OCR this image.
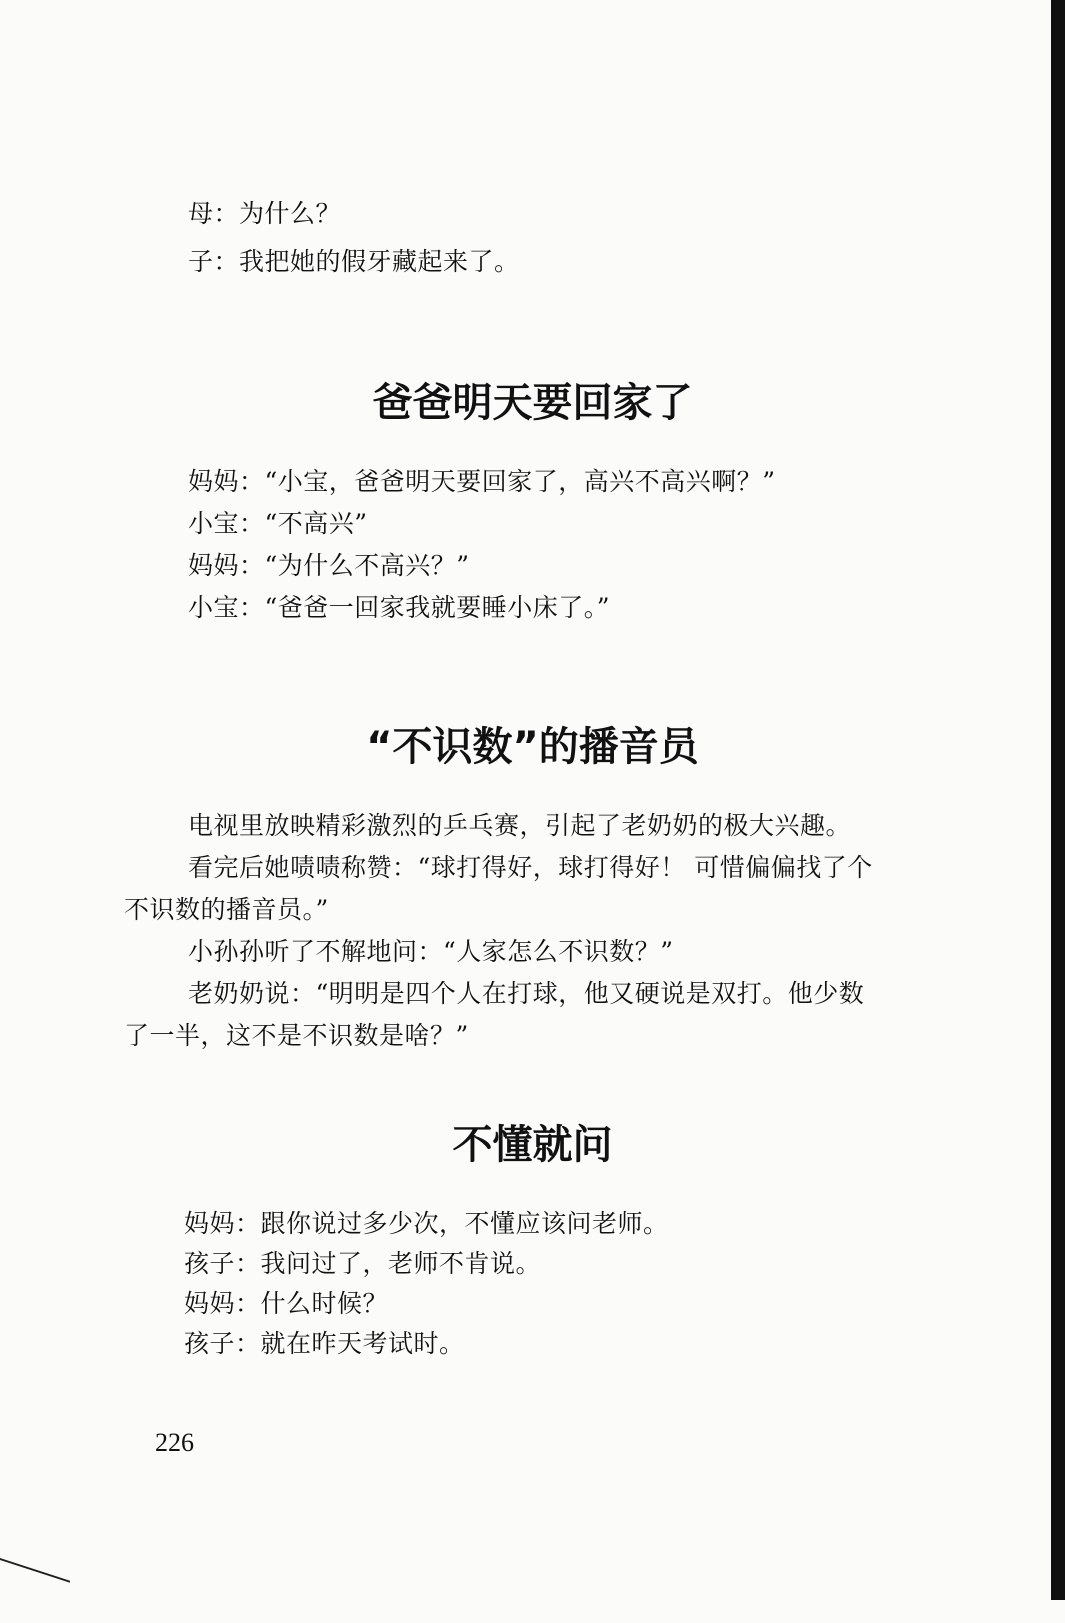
母：为什么？
子：我把她的假牙藏起来了。
爸爸明天要回家了
妈妈：“小宝，爸爸明天要回家了，高兴不高兴啊？”
小宝：“不高兴”
妈妈：“为什么不高兴？”
小宝：“爸爸一回家我就要睡小床了。”
“不识数”的播音员
电视里放映精彩激烈的乒乓赛，引起了老奶奶的极大兴趣。
看完后她啧啧称赞：“球打得好，球打得好！ 可惜偏偏找了个
不识数的播音员。”
小孙孙听了不解地问：“人家怎么不识数？”
老奶奶说：“明明是四个人在打球，他又硬说是双打。他少数
了一半，这不是不识数是啥？”
不懂就问
妈妈：跟你说过多少次，不懂应该问老师。
孩子：我问过了，老师不肯说。
妈妈：什么时候？
孩子：就在昨天考试时。
226
